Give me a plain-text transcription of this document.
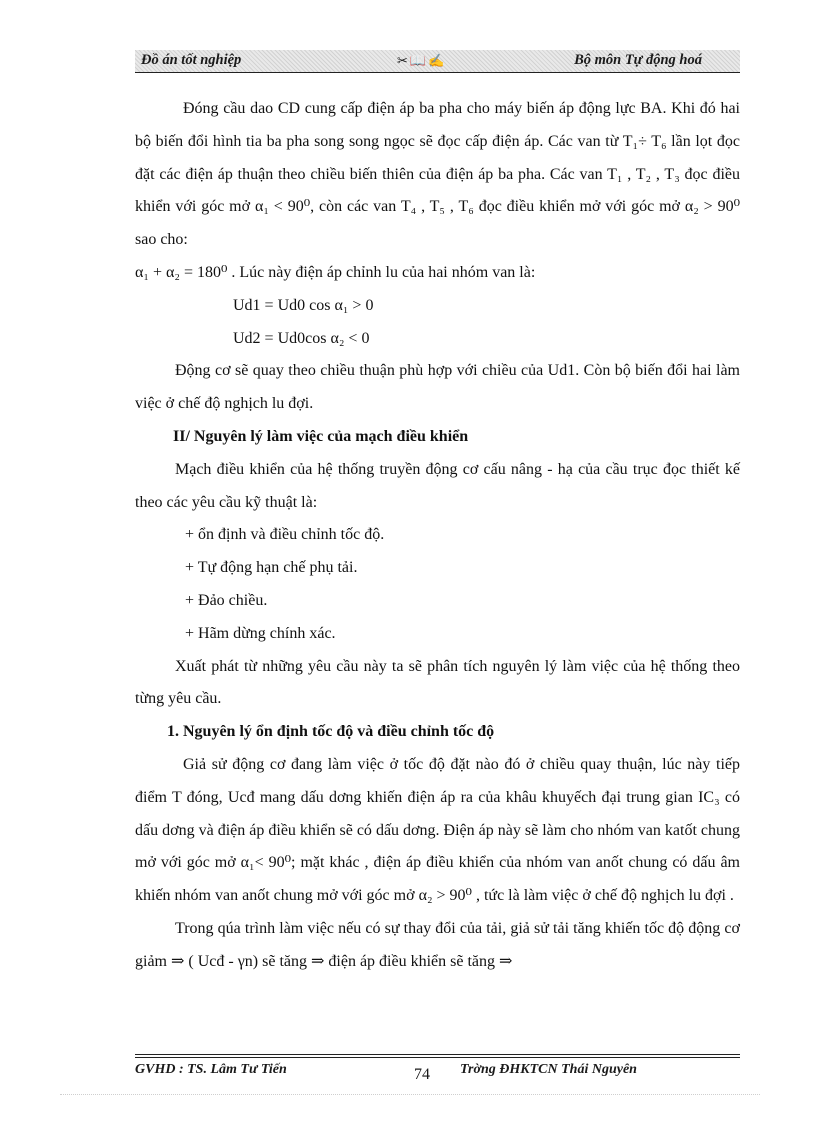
Đồ án tốt nghiệp	✂📖✍	Bộ môn Tự động hoá

Đóng cầu dao CD cung cấp điện áp ba pha cho máy biến áp động lực BA. Khi đó hai bộ biến đổi hình tia ba pha song song ngọc sẽ đọc cấp điện áp. Các van từ T₁÷ T₆ lần lọt đọc đặt các điện áp thuận theo chiều biến thiên của điện áp ba pha. Các van T₁ , T₂ , T₃ đọc điều khiển với góc mở α₁ < 90⁰, còn các van T₄ , T₅ , T₆ đọc điều khiển mở với góc mở α₂ > 90⁰ sao cho:

α₁ + α₂ = 180⁰ . Lúc này điện áp chỉnh lu của hai nhóm van là:

Ud1 = Ud0 cos α₁ > 0

Ud2 = Ud0cos α₂ < 0

Động cơ sẽ quay theo chiều thuận phù hợp với chiều của Ud1. Còn bộ biến đổi hai làm việc ở chế độ nghịch lu đợi.

II/ Nguyên lý làm việc của mạch điều khiển

Mạch điều khiển của hệ thống truyền động cơ cấu nâng - hạ của cầu trục đọc thiết kế theo các yêu cầu kỹ thuật là:

+ ổn định và điều chỉnh tốc độ.

+ Tự động hạn chế phụ tải.

+ Đảo chiều.

+ Hãm dừng chính xác.

Xuất phát từ những yêu cầu này ta sẽ phân tích nguyên lý làm việc của hệ thống theo từng yêu cầu.

1. Nguyên lý ổn định tốc độ và điều chỉnh tốc độ

Giả sử động cơ đang làm việc ở tốc độ đặt nào đó ở chiều quay thuận, lúc này tiếp điểm T đóng, Ucđ mang dấu dơng khiến điện áp ra của khâu khuyếch đại trung gian IC₃ có dấu dơng và điện áp điều khiển sẽ có dấu dơng. Điện áp này sẽ làm cho nhóm van katốt chung mở với góc mở α₁< 90⁰; mặt khác , điện áp điều khiển của nhóm van anốt chung có dấu âm khiến nhóm van anốt chung mở với góc mở α₂ > 90⁰ , tức là làm việc ở chế độ nghịch lu đợi .

Trong qúa trình làm việc nếu có sự thay đổi của tải, giả sử tải tăng khiến tốc độ động cơ giảm ⇒ ( Ucđ - γn) sẽ tăng ⇒ điện áp điều khiển sẽ tăng ⇒

GVHD : TS. Lâm Tư Tiến	74 Trờng ĐHKTCN Thái Nguyên
